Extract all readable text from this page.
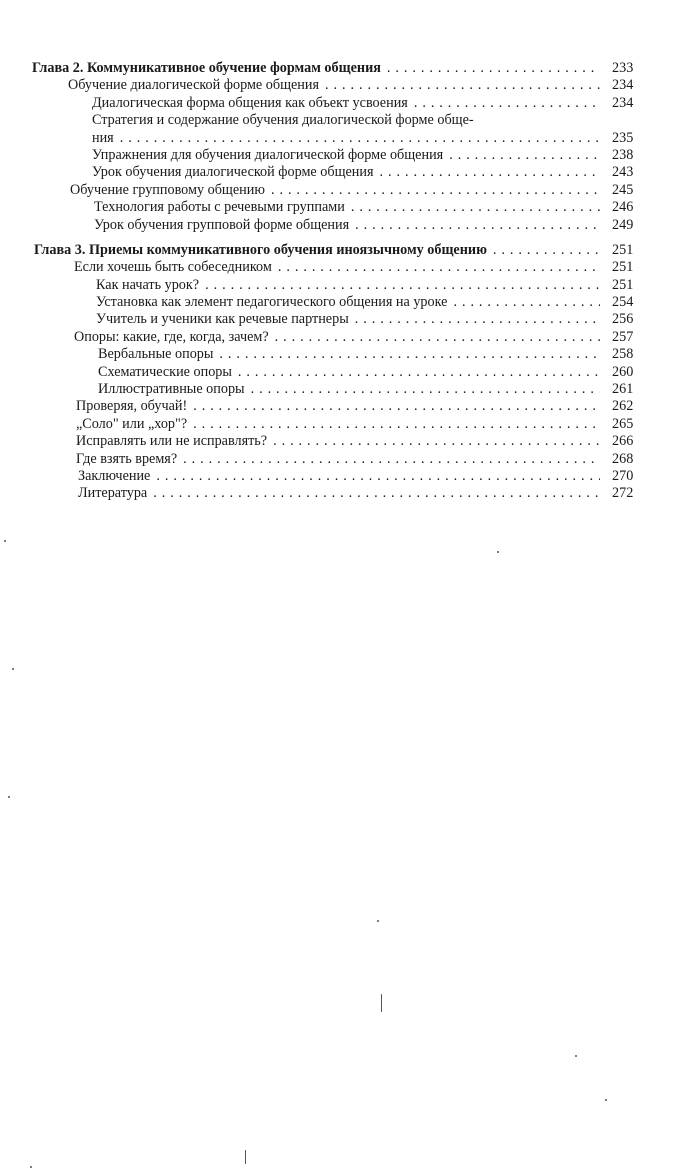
Глава 2. Коммуникативное обучение формам общения . . .	233
Обучение диалогической форме общения . . .	234
Диалогическая форма общения как объект усвоения . . .	234
Стратегия и содержание обучения диалогической форме обще-
ния . . .	235
Упражнения для обучения диалогической форме общения . . .	238
Урок обучения диалогической форме общения . . .	243
Обучение групповому общению . . .	245
Технология работы с речевыми группами . . .	246
Урок обучения групповой форме общения . . .	249
Глава 3. Приемы коммуникативного обучения иноязычному общению . . .	251
Если хочешь быть собеседником . . .	251
Как начать урок? . . .	251
Установка как элемент педагогического общения на уроке . . .	254
Учитель и ученики как речевые партнеры . . .	256
Опоры: какие, где, когда, зачем? . . .	257
Вербальные опоры . . .	258
Схематические опоры . . .	260
Иллюстративные опоры . . .	261
Проверяя, обучай! . . .	262
„Соло" или „хор"? . . .	265
Исправлять или не исправлять? . . .	266
Где взять время? . . .	268
Заключение . . .	270
Литература . . .	272
